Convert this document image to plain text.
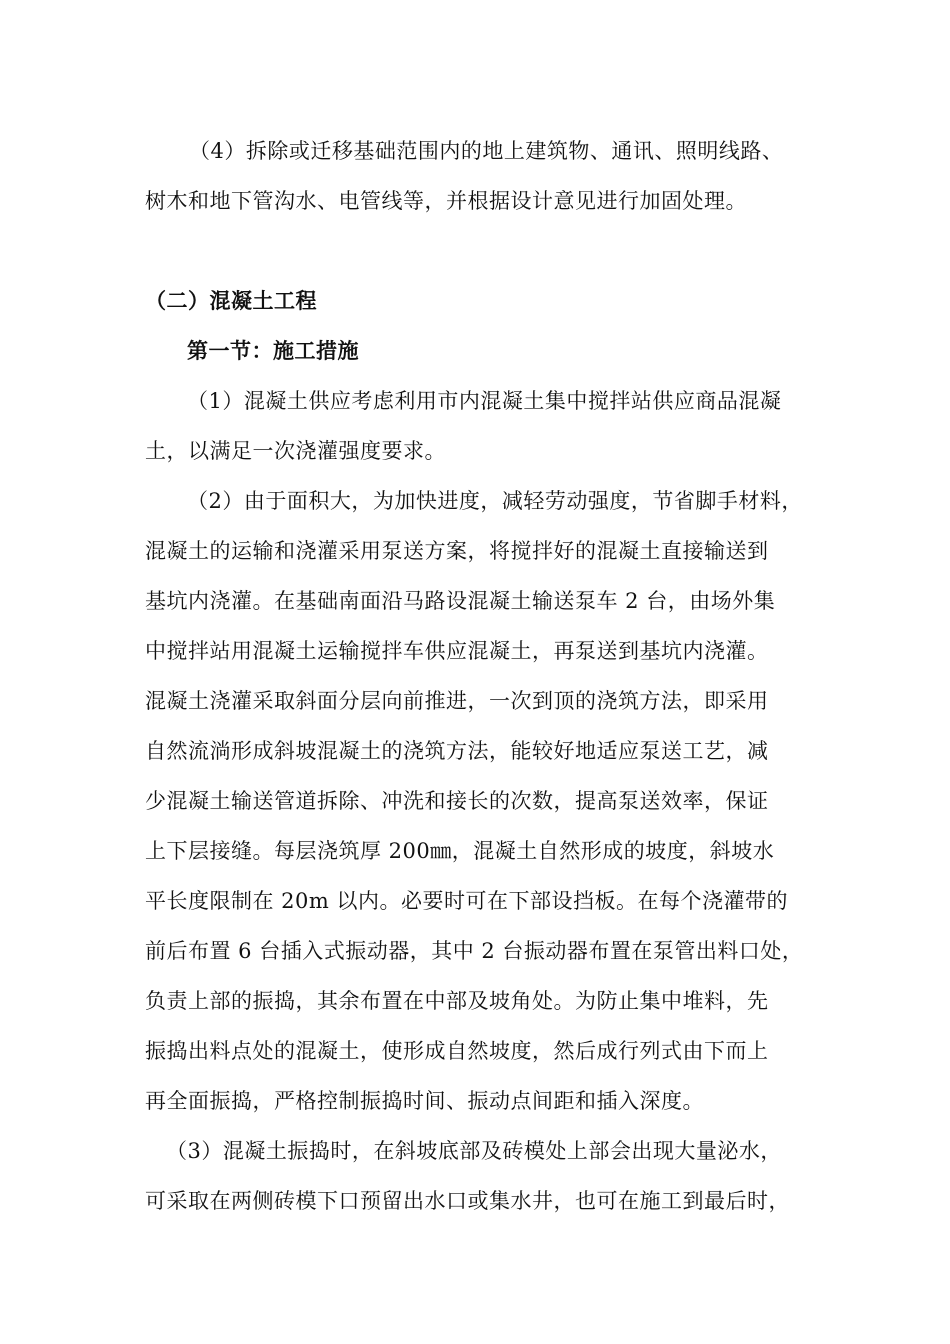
（4）拆除或迁移基础范围内的地上建筑物、通讯、照明线路、
树木和地下管沟水、电管线等，并根据设计意见进行加固处理。
（二）混凝土工程
第一节：施工措施
（1）混凝土供应考虑利用市内混凝土集中搅拌站供应商品混凝
土，以满足一次浇灌强度要求。
（2）由于面积大，为加快进度，减轻劳动强度，节省脚手材料，
混凝土的运输和浇灌采用泵送方案，将搅拌好的混凝土直接输送到
基坑内浇灌。在基础南面沿马路设混凝土输送泵车 2 台，由场外集
中搅拌站用混凝土运输搅拌车供应混凝土，再泵送到基坑内浇灌。
混凝土浇灌采取斜面分层向前推进，一次到顶的浇筑方法，即采用
自然流淌形成斜坡混凝土的浇筑方法，能较好地适应泵送工艺，减
少混凝土输送管道拆除、冲洗和接长的次数，提高泵送效率，保证
上下层接缝。每层浇筑厚 200㎜，混凝土自然形成的坡度，斜坡水
平长度限制在 20m 以内。必要时可在下部设挡板。在每个浇灌带的
前后布置 6 台插入式振动器，其中 2 台振动器布置在泵管出料口处，
负责上部的振捣，其余布置在中部及坡角处。为防止集中堆料，先
振捣出料点处的混凝土，使形成自然坡度，然后成行列式由下而上
再全面振捣，严格控制振捣时间、振动点间距和插入深度。
（3）混凝土振捣时，在斜坡底部及砖模处上部会出现大量泌水，
可采取在两侧砖模下口预留出水口或集水井，也可在施工到最后时，
